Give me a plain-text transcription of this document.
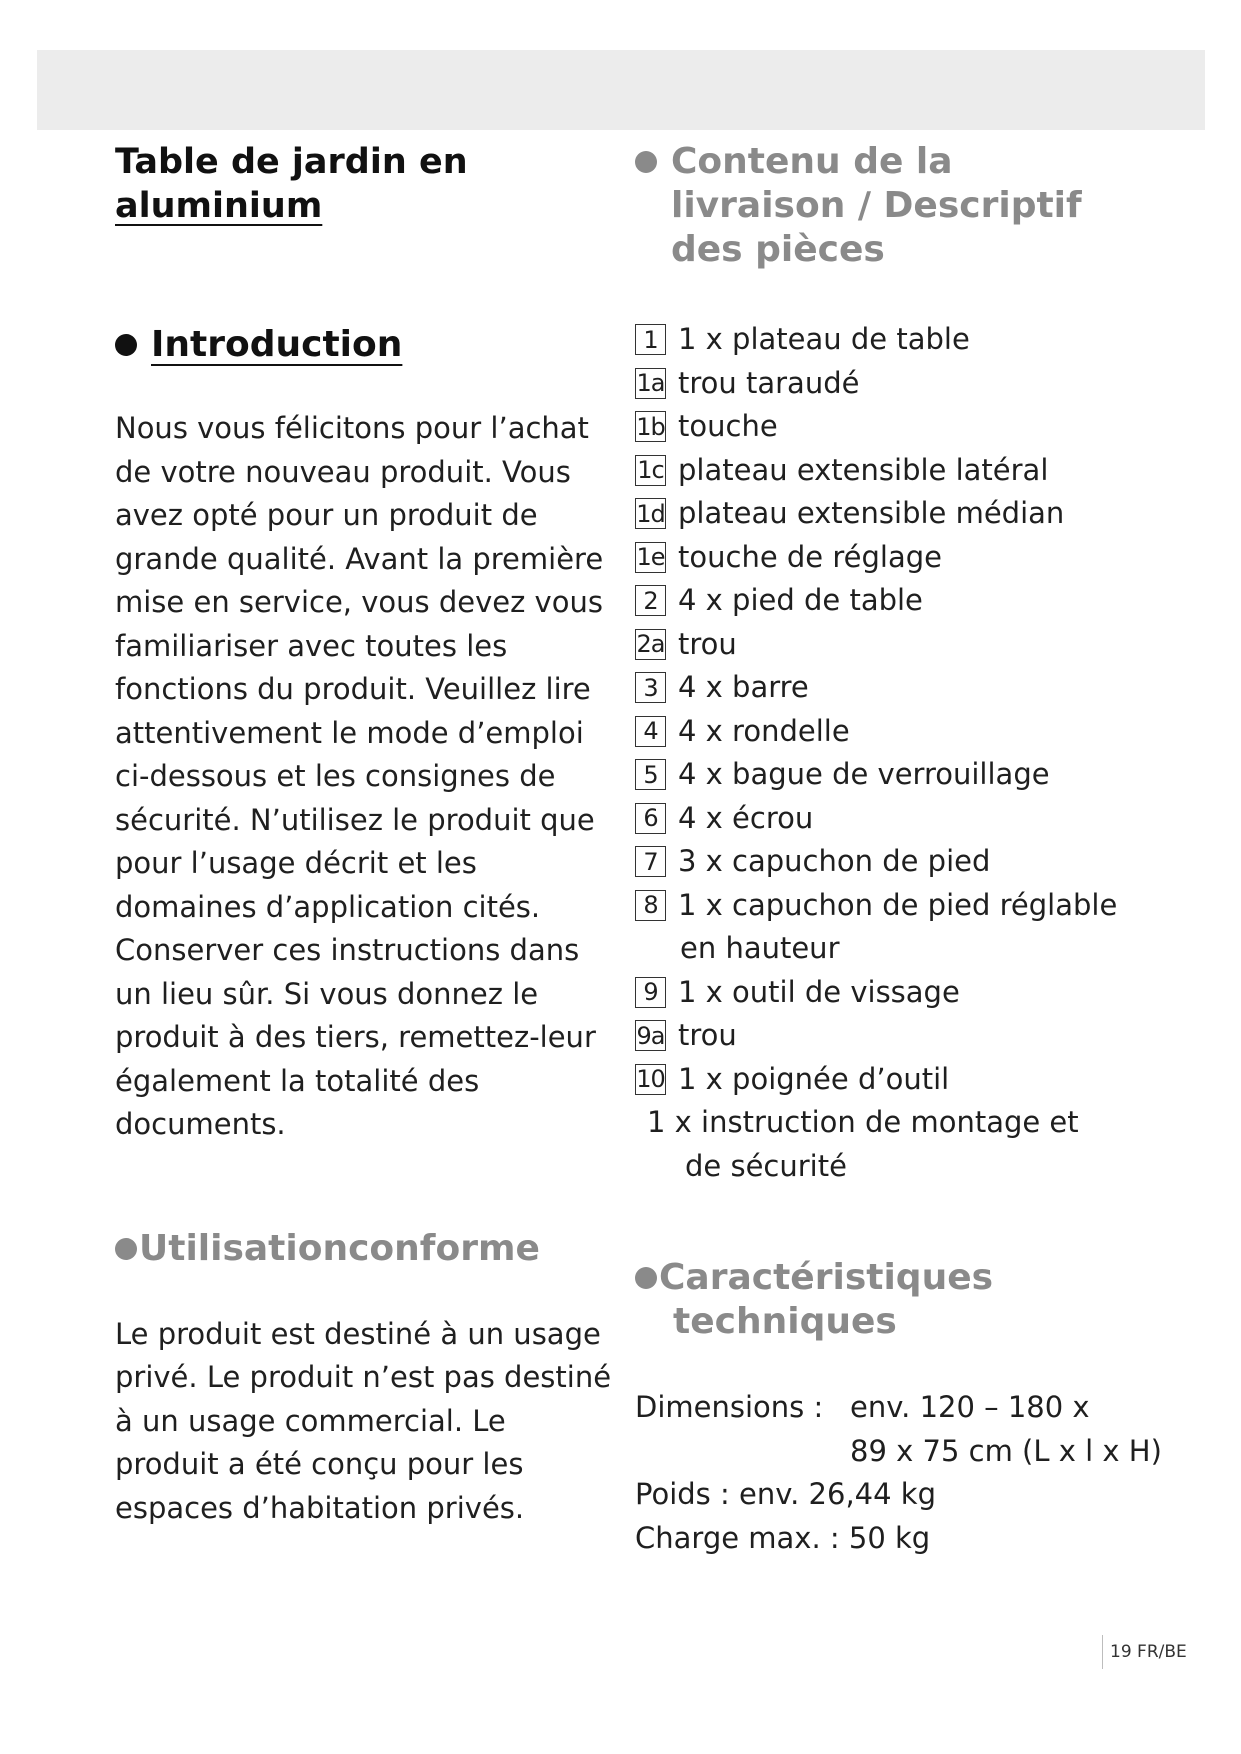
Table de jardin en
aluminium
Introduction

Nous vous félicitons pour l’achat de votre nouveau produit. Vous avez opté pour un produit de grande qualité. Avant la première mise en service, vous devez vous familiariser avec toutes les fonctions du produit. Veuillez lire attentivement le mode d’emploi ci-dessous et les consignes de sécurité. N’utilisez le produit que pour l’usage décrit et les domaines d’application cités. Conserver ces instructions dans un lieu sûr. Si vous donnez le produit à des tiers, remettez-leur également la totalité des documents.

Utilisationconforme

Le produit est destiné à un usage privé. Le produit n’est pas destiné à un usage commercial. Le produit a été conçu pour les espaces d’habitation privés.

Contenu de la
livraison / Descriptif
des pièces
1 1 x plateau de table
1a trou taraudé
1b touche
1c plateau extensible latéral
1d plateau extensible médian
1e touche de réglage
2 4 x pied de table
2a trou
3 4 x barre
4 4 x rondelle
5 4 x bague de verrouillage
6 4 x écrou
7 3 x capuchon de pied
8 1 x capuchon de pied réglable
en hauteur
9 1 x outil de vissage
9a trou
10 1 x poignée d’outil
1 x instruction de montage et
de sécurité
Caractéristiques
techniques
Dimensions : env. 120 – 180 x
89 x 75 cm (L x l x H)
Poids : env. 26,44 kg
Charge max. : 50 kg
19 FR/BE
